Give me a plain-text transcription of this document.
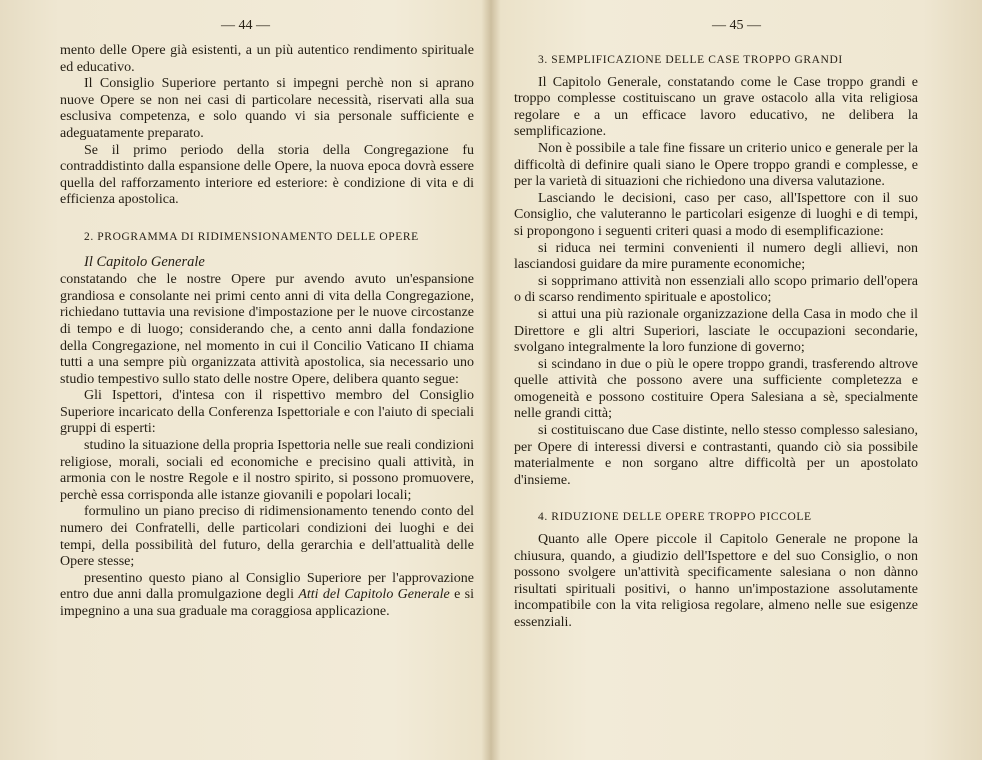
— 44 —

mento delle Opere già esistenti, a un più autentico rendimento spirituale ed educativo.

Il Consiglio Superiore pertanto si impegni perchè non si aprano nuove Opere se non nei casi di particolare necessità, riservati alla sua esclusiva competenza, e solo quando vi sia personale sufficiente e adeguatamente preparato.

Se il primo periodo della storia della Congregazione fu contraddistinto dalla espansione delle Opere, la nuova epoca dovrà essere quella del rafforzamento interiore ed esteriore: è condizione di vita e di efficienza apostolica.

2. PROGRAMMA DI RIDIMENSIONAMENTO DELLE OPERE

Il Capitolo Generale

constatando che le nostre Opere pur avendo avuto un'espansione grandiosa e consolante nei primi cento anni di vita della Congregazione, richiedano tuttavia una revisione d'impostazione per le nuove circostanze di tempo e di luogo; considerando che, a cento anni dalla fondazione della Congregazione, nel momento in cui il Concilio Vaticano II chiama tutti a una sempre più organizzata attività apostolica, sia necessario uno studio tempestivo sullo stato delle nostre Opere, delibera quanto segue:

Gli Ispettori, d'intesa con il rispettivo membro del Consiglio Superiore incaricato della Conferenza Ispettoriale e con l'aiuto di speciali gruppi di esperti:

studino la situazione della propria Ispettoria nelle sue reali condizioni religiose, morali, sociali ed economiche e precisino quali attività, in armonia con le nostre Regole e il nostro spirito, si possono promuovere, perchè essa corrisponda alle istanze giovanili e popolari locali;

formulino un piano preciso di ridimensionamento tenendo conto del numero dei Confratelli, delle particolari condizioni dei luoghi e dei tempi, della possibilità del futuro, della gerarchia e dell'attualità delle Opere stesse;

presentino questo piano al Consiglio Superiore per l'approvazione entro due anni dalla promulgazione degli Atti del Capitolo Generale e si impegnino a una sua graduale ma coraggiosa applicazione.

— 45 —

3. SEMPLIFICAZIONE DELLE CASE TROPPO GRANDI

Il Capitolo Generale, constatando come le Case troppo grandi e troppo complesse costituiscano un grave ostacolo alla vita religiosa regolare e a un efficace lavoro educativo, ne delibera la semplificazione.

Non è possibile a tale fine fissare un criterio unico e generale per la difficoltà di definire quali siano le Opere troppo grandi e complesse, e per la varietà di situazioni che richiedono una diversa valutazione.

Lasciando le decisioni, caso per caso, all'Ispettore con il suo Consiglio, che valuteranno le particolari esigenze di luoghi e di tempi, si propongono i seguenti criteri quasi a modo di esemplificazione:

si riduca nei termini convenienti il numero degli allievi, non lasciandosi guidare da mire puramente economiche;

si sopprimano attività non essenziali allo scopo primario dell'opera o di scarso rendimento spirituale e apostolico;

si attui una più razionale organizzazione della Casa in modo che il Direttore e gli altri Superiori, lasciate le occupazioni secondarie, svolgano integralmente la loro funzione di governo;

si scindano in due o più le opere troppo grandi, trasferendo altrove quelle attività che possono avere una sufficiente completezza e omogeneità e possono costituire Opera Salesiana a sè, specialmente nelle grandi città;

si costituiscano due Case distinte, nello stesso complesso salesiano, per Opere di interessi diversi e contrastanti, quando ciò sia possibile materialmente e non sorgano altre difficoltà per un apostolato d'insieme.

4. RIDUZIONE DELLE OPERE TROPPO PICCOLE

Quanto alle Opere piccole il Capitolo Generale ne propone la chiusura, quando, a giudizio dell'Ispettore e del suo Consiglio, o non possono svolgere un'attività specificamente salesiana o non dànno risultati spirituali positivi, o hanno un'impostazione assolutamente incompatibile con la vita religiosa regolare, almeno nelle sue esigenze essenziali.
